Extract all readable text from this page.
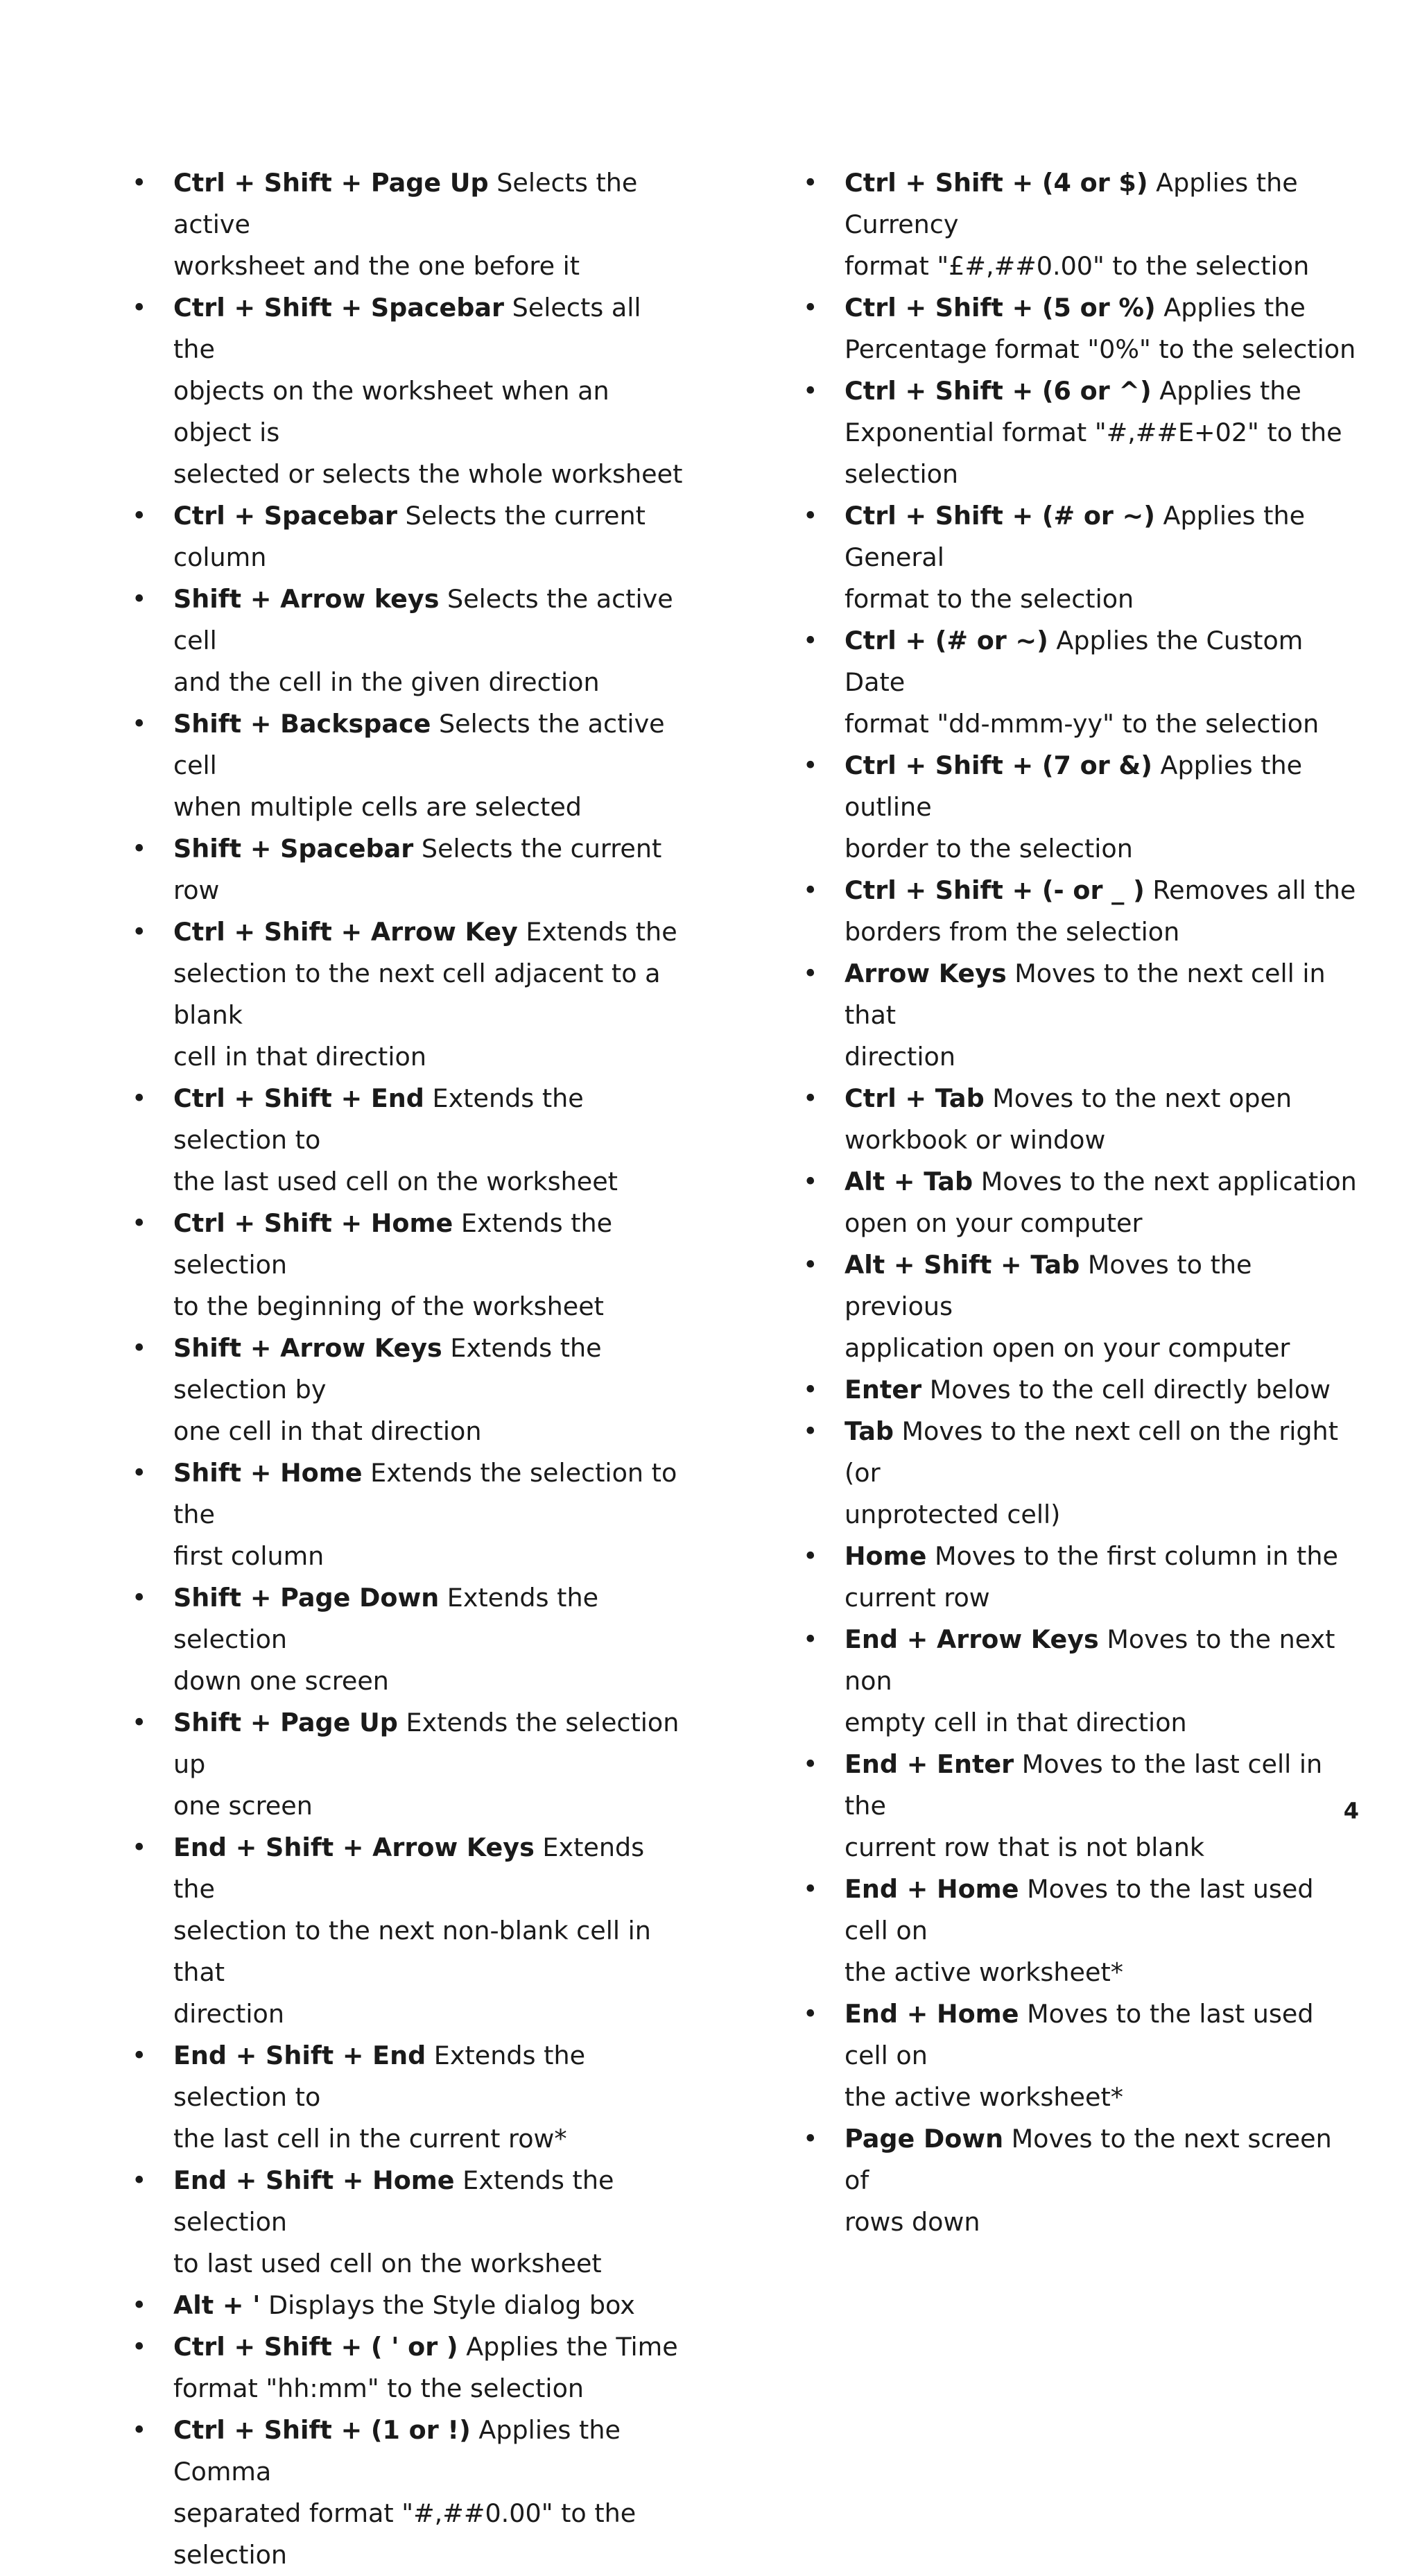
• Ctrl + Shift + Page Up Selects the active
worksheet and the one before it
• Ctrl + Shift + Spacebar Selects all the
objects on the worksheet when an object is
selected or selects the whole worksheet
• Ctrl + Spacebar Selects the current column
• Shift + Arrow keys Selects the active cell
and the cell in the given direction
• Shift + Backspace Selects the active cell
when multiple cells are selected
• Shift + Spacebar Selects the current row
• Ctrl + Shift + Arrow Key Extends the
selection to the next cell adjacent to a blank
cell in that direction
• Ctrl + Shift + End Extends the selection to
the last used cell on the worksheet
• Ctrl + Shift + Home Extends the selection
to the beginning of the worksheet
• Shift + Arrow Keys Extends the selection by
one cell in that direction
• Shift + Home Extends the selection to the
first column
• Shift + Page Down Extends the selection
down one screen
• Shift + Page Up Extends the selection up
one screen
• End + Shift + Arrow Keys Extends the
selection to the next non-blank cell in that
direction
• End + Shift + End Extends the selection to
the last cell in the current row*
• End + Shift + Home Extends the selection
to last used cell on the worksheet
• Alt + ' Displays the Style dialog box
• Ctrl + Shift + ( ' or ) Applies the Time
format "hh:mm" to the selection
• Ctrl + Shift + (1 or !) Applies the Comma
separated format "#,##0.00" to the selection
• Ctrl + Shift + (4 or $) Applies the Currency
format "£#,##0.00" to the selection
• Ctrl + Shift + (5 or %) Applies the
Percentage format "0%" to the selection
• Ctrl + Shift + (6 or ^) Applies the
Exponential format "#,##E+02" to the
selection
• Ctrl + Shift + (# or ~) Applies the General
format to the selection
• Ctrl + (# or ~) Applies the Custom Date
format "dd-mmm-yy" to the selection
• Ctrl + Shift + (7 or &) Applies the outline
border to the selection
• Ctrl + Shift + (- or _ ) Removes all the
borders from the selection
• Arrow Keys Moves to the next cell in that
direction
• Ctrl + Tab Moves to the next open
workbook or window
• Alt + Tab Moves to the next application
open on your computer
• Alt + Shift + Tab Moves to the previous
application open on your computer
• Enter Moves to the cell directly below
• Tab Moves to the next cell on the right (or
unprotected cell)
• Home Moves to the first column in the
current row
• End + Arrow Keys Moves to the next non
empty cell in that direction
• End + Enter Moves to the last cell in the
current row that is not blank
• End + Home Moves to the last used cell on
the active worksheet*
• End + Home Moves to the last used cell on
the active worksheet*
• Page Down Moves to the next screen of
rows down
4
